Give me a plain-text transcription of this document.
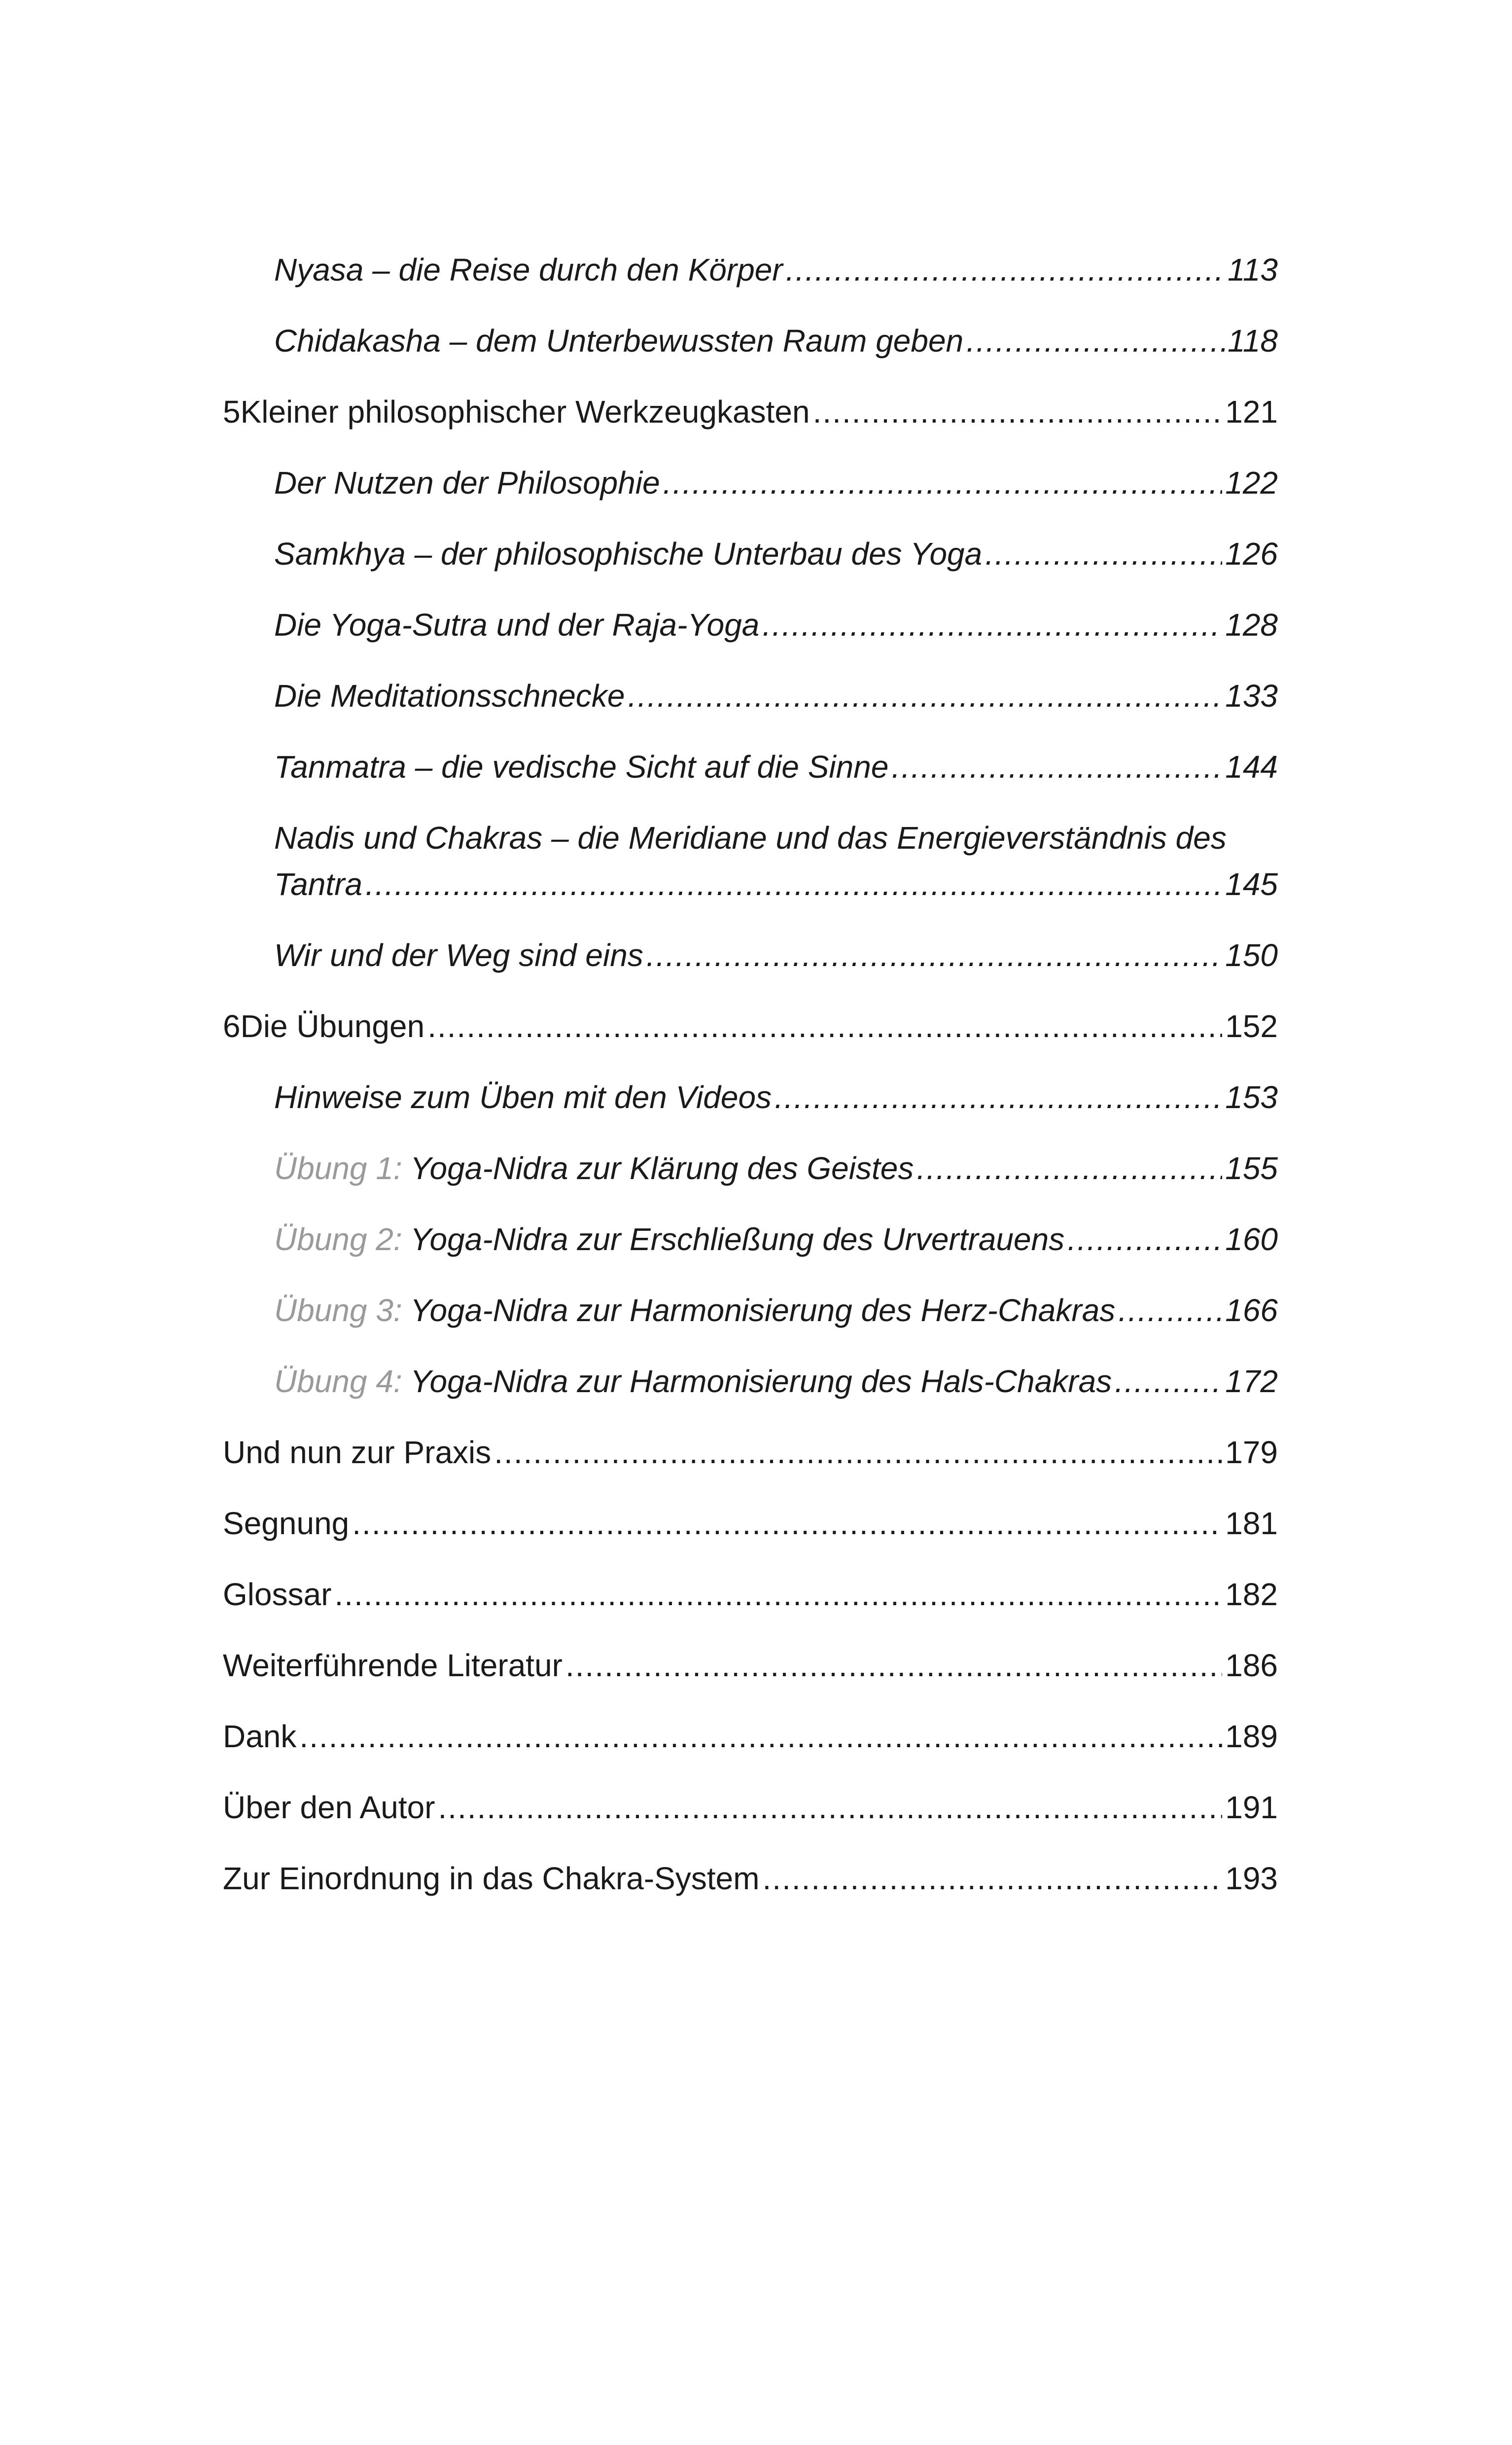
Nyasa – die Reise durch den Körper .....	113
Chidakasha – dem Unterbewussten Raum geben .....	118
5 Kleiner philosophischer Werkzeugkasten .....	121
Der Nutzen der Philosophie .....	122
Samkhya – der philosophische Unterbau des Yoga .....	126
Die Yoga-Sutra und der Raja-Yoga .....	128
Die Meditationsschnecke .....	133
Tanmatra – die vedische Sicht auf die Sinne .....	144
Nadis und Chakras – die Meridiane und das Energieverständnis des
Tantra .....	145
Wir und der Weg sind eins .....	150
6 Die Übungen .....	152
Hinweise zum Üben mit den Videos .....	153
Übung 1: Yoga-Nidra zur Klärung des Geistes .....	155
Übung 2: Yoga-Nidra zur Erschließung des Urvertrauens .....	160
Übung 3: Yoga-Nidra zur Harmonisierung des Herz-Chakras .....	166
Übung 4: Yoga-Nidra zur Harmonisierung des Hals-Chakras .....	172
Und nun zur Praxis .....	179
Segnung .....	181
Glossar .....	182
Weiterführende Literatur .....	186
Dank .....	189
Über den Autor .....	191
Zur Einordnung in das Chakra-System .....	193
